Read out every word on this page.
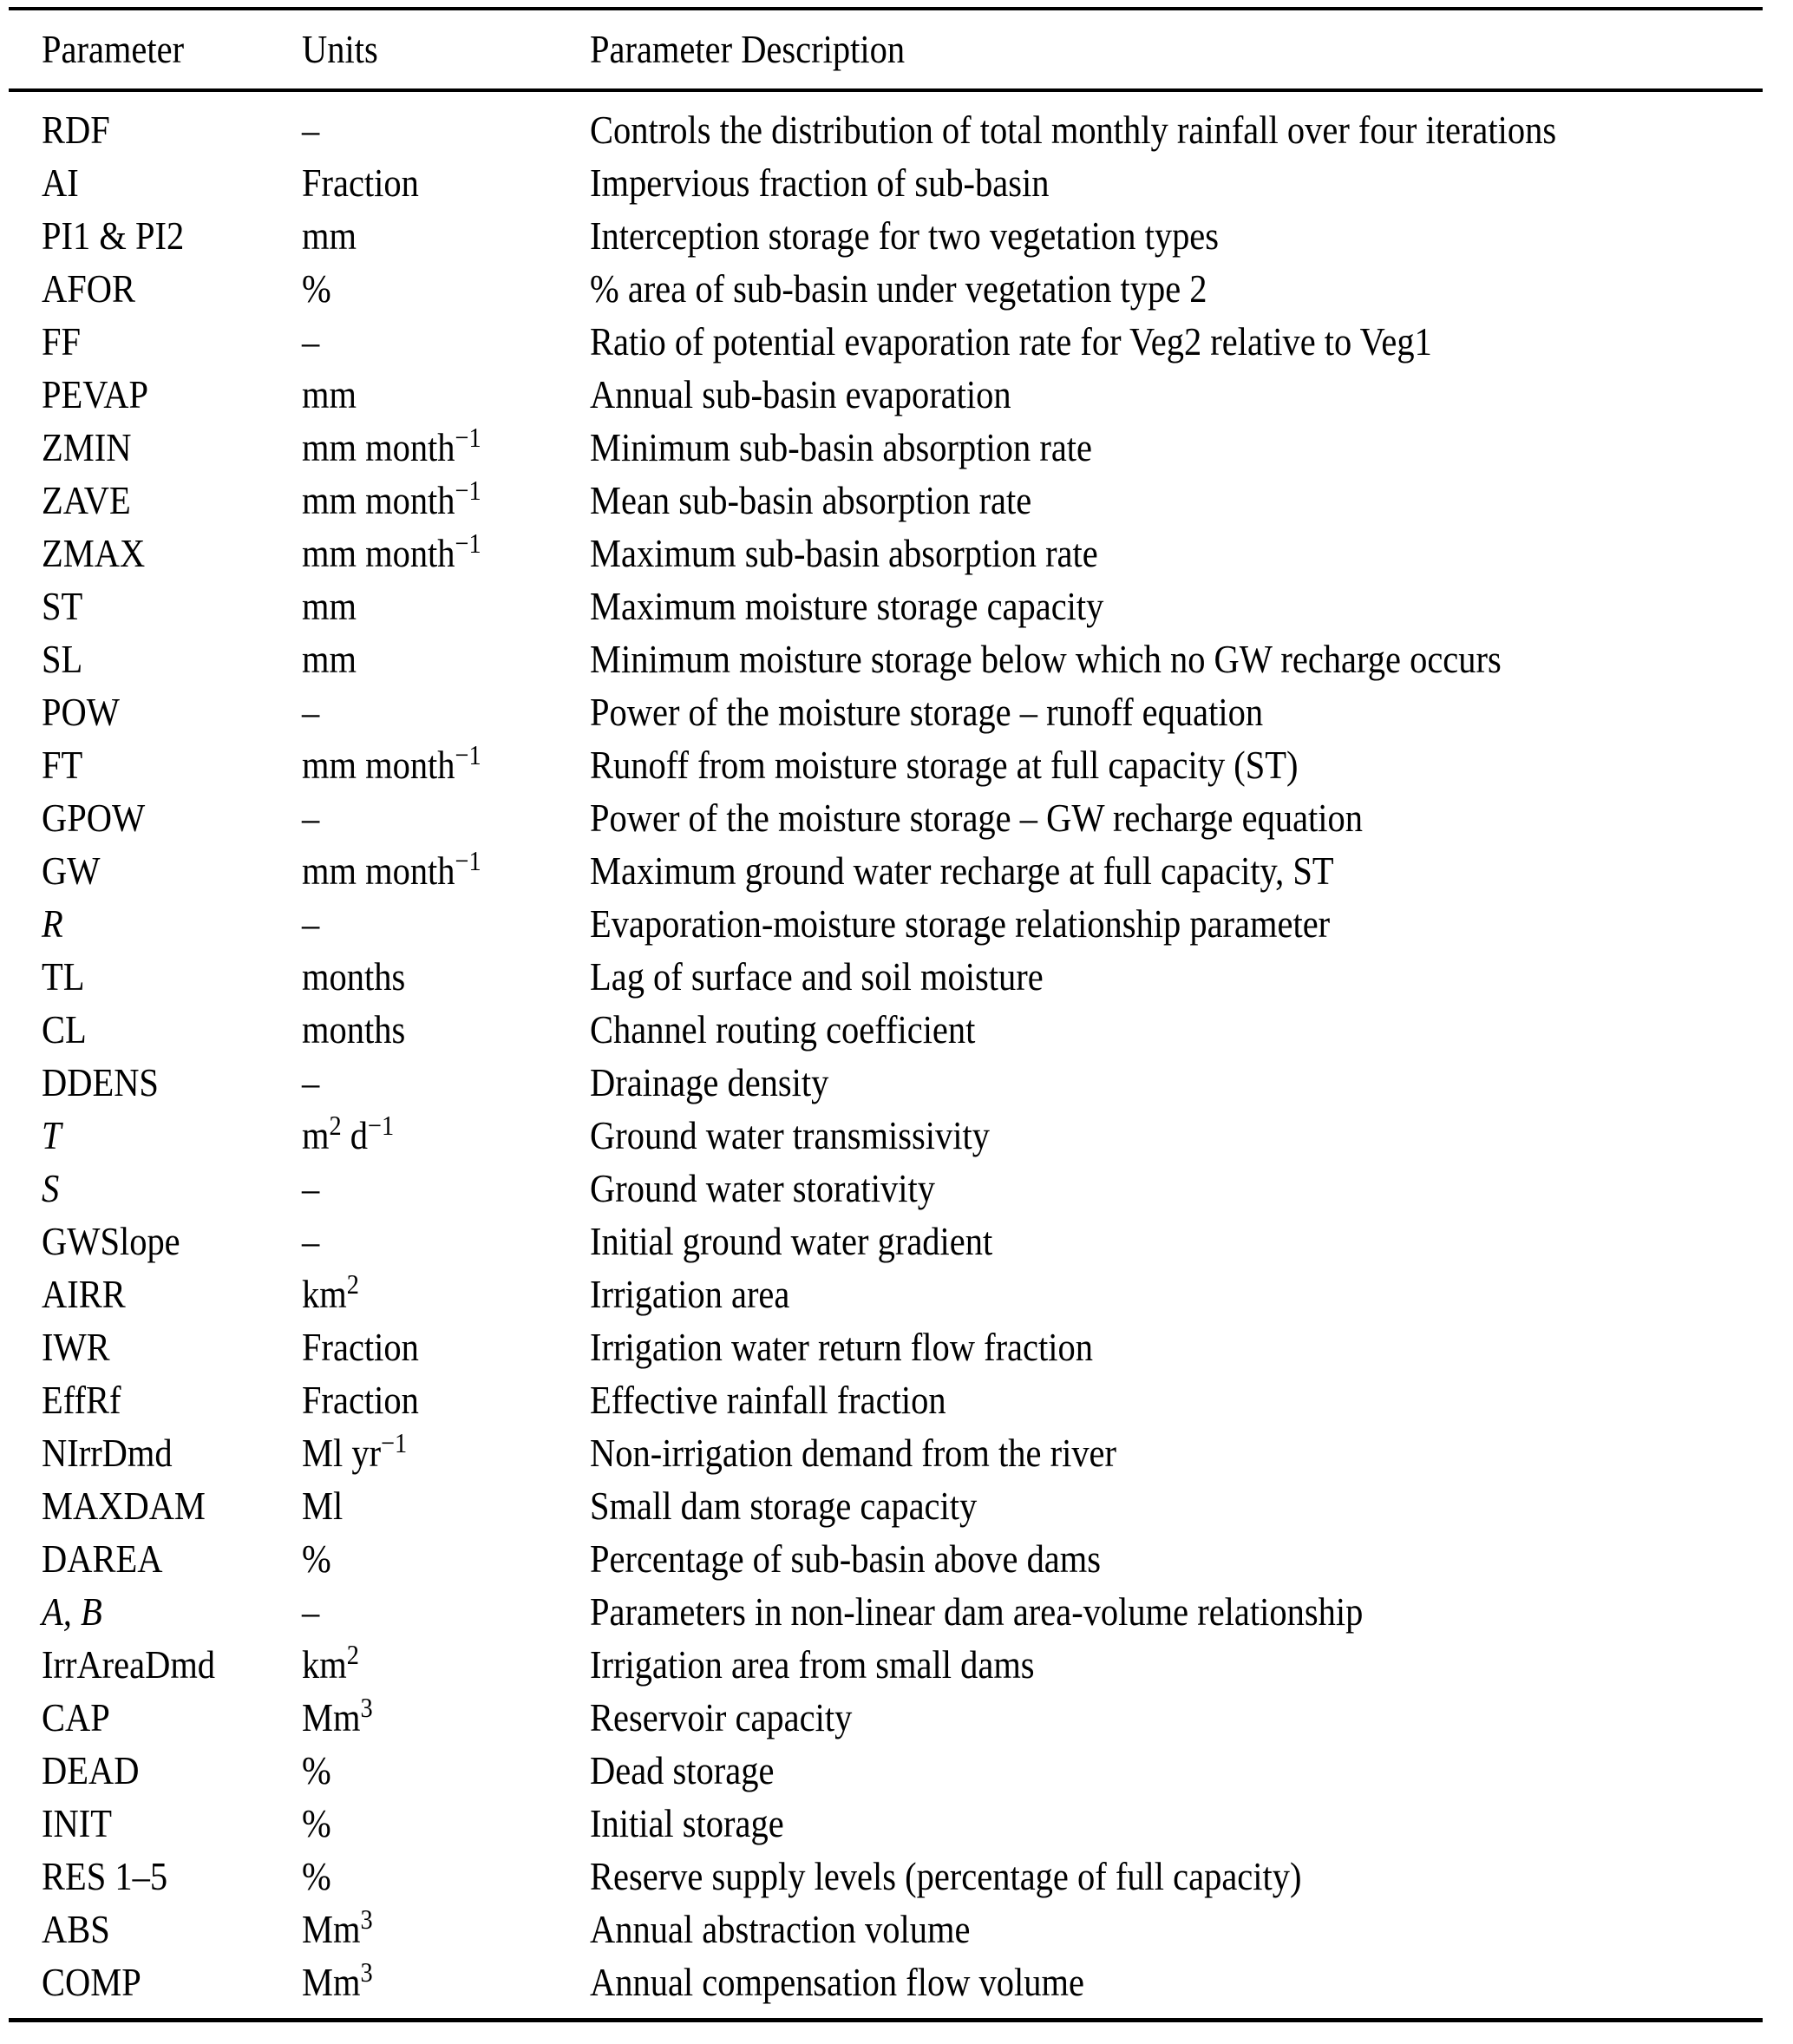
Parameter	Units	Parameter Description
RDF	–	Controls the distribution of total monthly rainfall over four iterations
AI	Fraction	Impervious fraction of sub-basin
PI1 & PI2	mm	Interception storage for two vegetation types
AFOR	%	% area of sub-basin under vegetation type 2
FF	–	Ratio of potential evaporation rate for Veg2 relative to Veg1
PEVAP	mm	Annual sub-basin evaporation
ZMIN	mm month$^{-1}$	Minimum sub-basin absorption rate
ZAVE	mm month$^{-1}$	Mean sub-basin absorption rate
ZMAX	mm month$^{-1}$	Maximum sub-basin absorption rate
ST	mm	Maximum moisture storage capacity
SL	mm	Minimum moisture storage below which no GW recharge occurs
POW	–	Power of the moisture storage – runoff equation
FT	mm month$^{-1}$	Runoff from moisture storage at full capacity (ST)
GPOW	–	Power of the moisture storage – GW recharge equation
GW	mm month$^{-1}$	Maximum ground water recharge at full capacity, ST
R	–	Evaporation-moisture storage relationship parameter
TL	months	Lag of surface and soil moisture
CL	months	Channel routing coefficient
DDENS	–	Drainage density
T	$m^2$ $d^{-1}$	Ground water transmissivity
S	–	Ground water storativity
GWSlope	–	Initial ground water gradient
AIRR	$km^2$	Irrigation area
IWR	Fraction	Irrigation water return flow fraction
EffRf	Fraction	Effective rainfall fraction
NIrrDmd	Ml $yr^{-1}$	Non-irrigation demand from the river
MAXDAM	Ml	Small dam storage capacity
DAREA	%	Percentage of sub-basin above dams
A, B	–	Parameters in non-linear dam area-volume relationship
IrrAreaDmd	$km^2$	Irrigation area from small dams
CAP	Mm$^3$	Reservoir capacity
DEAD	%	Dead storage
INIT	%	Initial storage
RES 1–5	%	Reserve supply levels (percentage of full capacity)
ABS	Mm$^3$	Annual abstraction volume
COMP	Mm$^3$	Annual compensation flow volume
